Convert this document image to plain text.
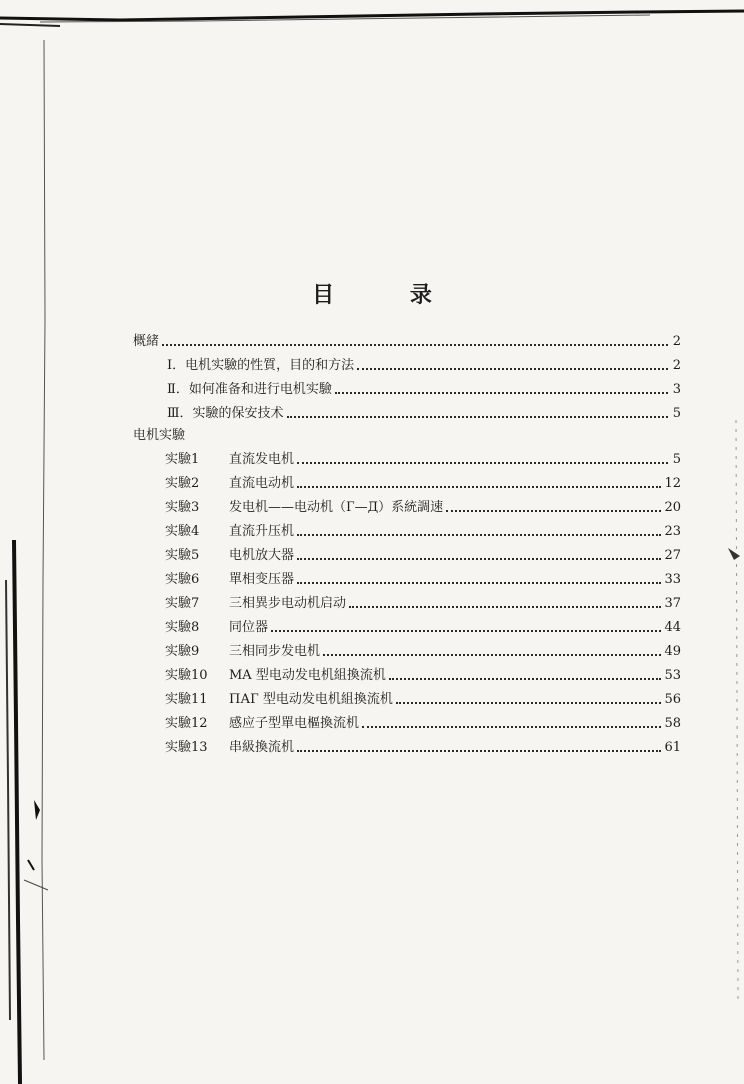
目 录
概緒	2
Ⅰ．电机实驗的性質，目的和方法	2
Ⅱ．如何准备和进行电机实驗	3
Ⅲ．实驗的保安技术	5
电机实驗
实驗1	直流发电机	5
实驗2	直流电动机	12
实驗3	发电机——电动机（Г—Д）系統調速	20
实驗4	直流升压机	23
实驗5	电机放大器	27
实驗6	單相变压器	33
实驗7	三相異步电动机启动	37
实驗8	同位器	44
实驗9	三相同步发电机	49
实驗10	MA 型电动发电机組換流机	53
实驗11	ПАГ 型电动发电机組換流机	56
实驗12	感应子型單电樞換流机	58
实驗13	串級換流机	61
